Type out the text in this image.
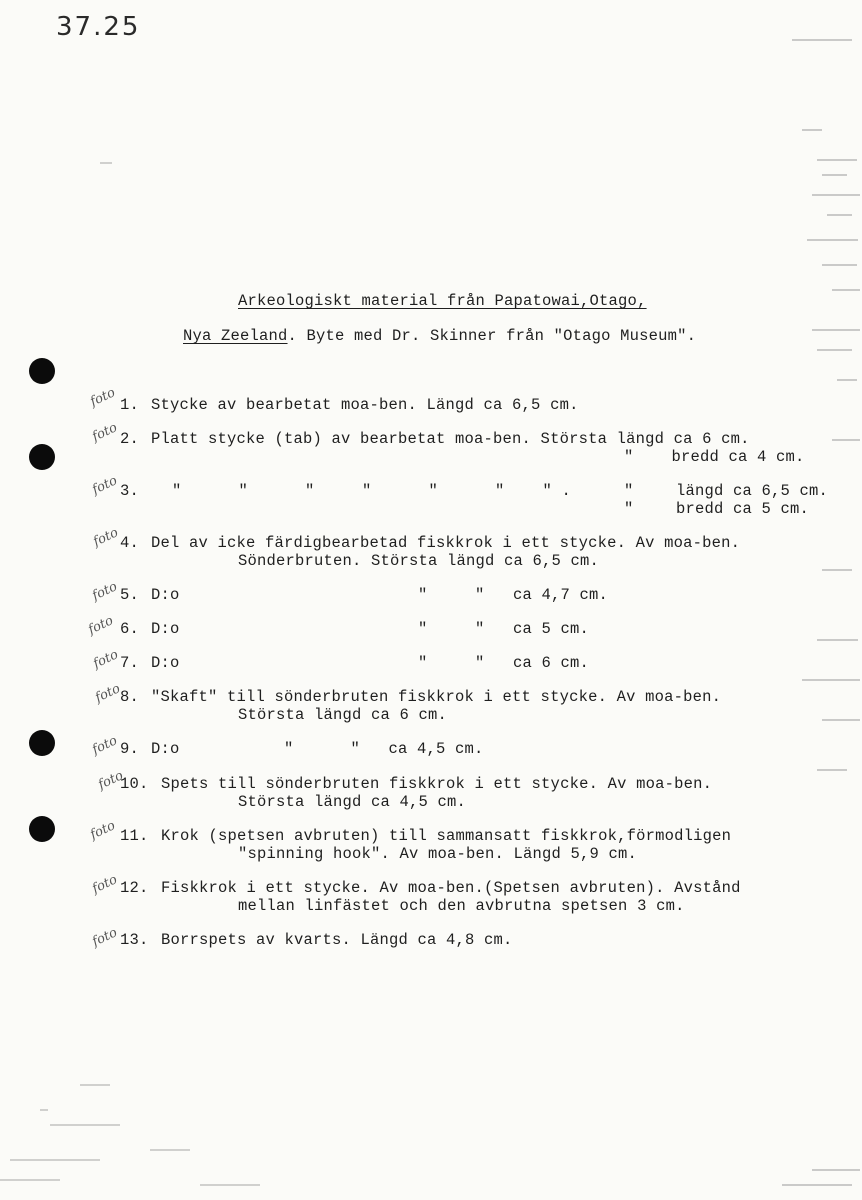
37.25
Arkeologiskt material från Papatowai,Otago,
Nya Zeeland. Byte med Dr. Skinner från "Otago Museum".
foto
foto
foto
foto
foto
foto
foto
foto
foto
foto
foto
foto
foto
1. Stycke av bearbetat moa-ben. Längd ca 6,5 cm.
2. Platt stycke (tab) av bearbetat moa-ben. Största längd ca 6 cm.
"    bredd ca 4 cm.
3. "      "      "     "      "      "    " .	"	längd ca 6,5 cm.
"	bredd ca 5 cm.
4. Del av icke färdigbearbetad fiskkrok i ett stycke. Av moa-ben.
Sönderbruten. Största längd ca 6,5 cm.
5. D:o	"     "   ca 4,7 cm.
6. D:o	"     "   ca 5 cm.
7. D:o	"     "   ca 6 cm.
8. "Skaft" till sönderbruten fiskkrok i ett stycke. Av moa-ben.
Största längd ca 6 cm.
9. D:o	"      "   ca 4,5 cm.
10. Spets till sönderbruten fiskkrok i ett stycke. Av moa-ben.
Största längd ca 4,5 cm.
11. Krok (spetsen avbruten) till sammansatt fiskkrok,förmodligen
"spinning hook". Av moa-ben. Längd 5,9 cm.
12. Fiskkrok i ett stycke. Av moa-ben.(Spetsen avbruten). Avstånd
mellan linfästet och den avbrutna spetsen 3 cm.
13. Borrspets av kvarts. Längd ca 4,8 cm.
